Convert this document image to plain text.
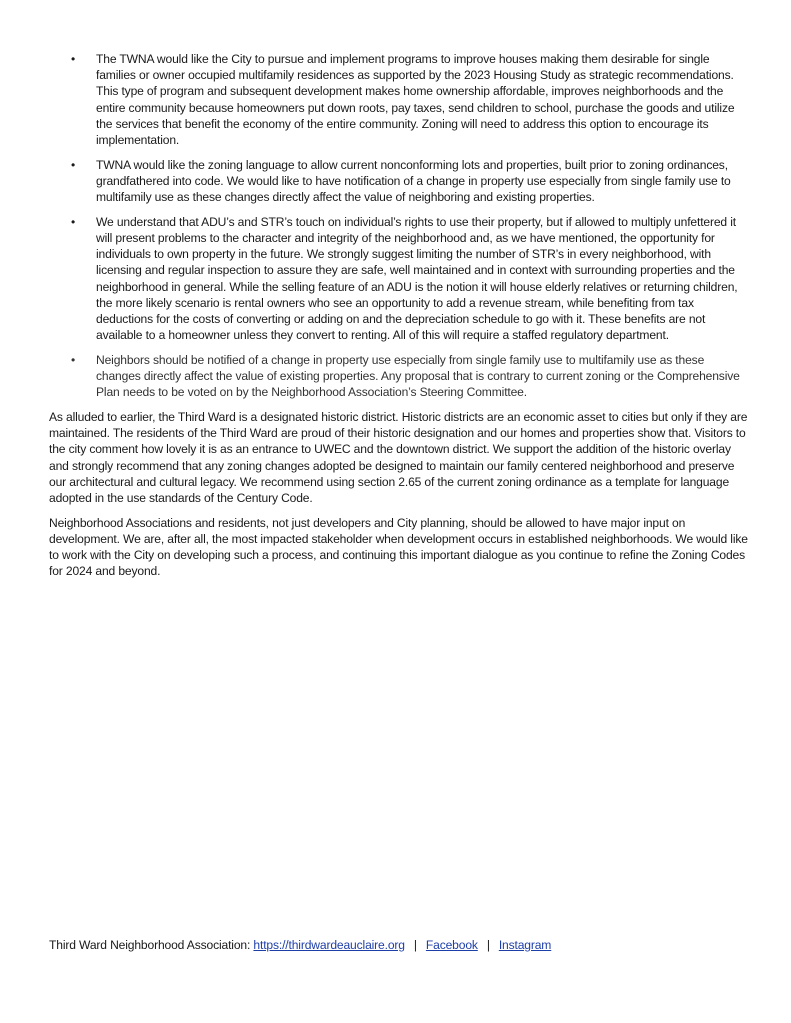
• The TWNA would like the City to pursue and implement programs to improve houses making them desirable for single families or owner occupied multifamily residences as supported by the 2023 Housing Study as strategic recommendations. This type of program and subsequent development makes home ownership affordable, improves neighborhoods and the entire community because homeowners put down roots, pay taxes, send children to school, purchase the goods and utilize the services that benefit the economy of the entire community. Zoning will need to address this option to encourage its implementation.
• TWNA would like the zoning language to allow current nonconforming lots and properties, built prior to zoning ordinances, grandfathered into code. We would like to have notification of a change in property use especially from single family use to multifamily use as these changes directly affect the value of neighboring and existing properties.
• We understand that ADU’s and STR’s touch on individual’s rights to use their property, but if allowed to multiply unfettered it will present problems to the character and integrity of the neighborhood and, as we have mentioned, the opportunity for individuals to own property in the future. We strongly suggest limiting the number of STR’s in every neighborhood, with licensing and regular inspection to assure they are safe, well maintained and in context with surrounding properties and the neighborhood in general. While the selling feature of an ADU is the notion it will house elderly relatives or returning children, the more likely scenario is rental owners who see an opportunity to add a revenue stream, while benefiting from tax deductions for the costs of converting or adding on and the depreciation schedule to go with it. These benefits are not available to a homeowner unless they convert to renting. All of this will require a staffed regulatory department.
• Neighbors should be notified of a change in property use especially from single family use to multifamily use as these changes directly affect the value of existing properties. Any proposal that is contrary to current zoning or the Comprehensive Plan needs to be voted on by the Neighborhood Association’s Steering Committee.

As alluded to earlier, the Third Ward is a designated historic district. Historic districts are an economic asset to cities but only if they are maintained. The residents of the Third Ward are proud of their historic designation and our homes and properties show that. Visitors to the city comment how lovely it is as an entrance to UWEC and the downtown district. We support the addition of the historic overlay and strongly recommend that any zoning changes adopted be designed to maintain our family centered neighborhood and preserve our architectural and cultural legacy. We recommend using section 2.65 of the current zoning ordinance as a template for language adopted in the use standards of the Century Code.

Neighborhood Associations and residents, not just developers and City planning, should be allowed to have major input on development. We are, after all, the most impacted stakeholder when development occurs in established neighborhoods. We would like to work with the City on developing such a process, and continuing this important dialogue as you continue to refine the Zoning Codes for 2024 and beyond.

Third Ward Neighborhood Association: https://thirdwardeauclaire.org | Facebook | Instagram
